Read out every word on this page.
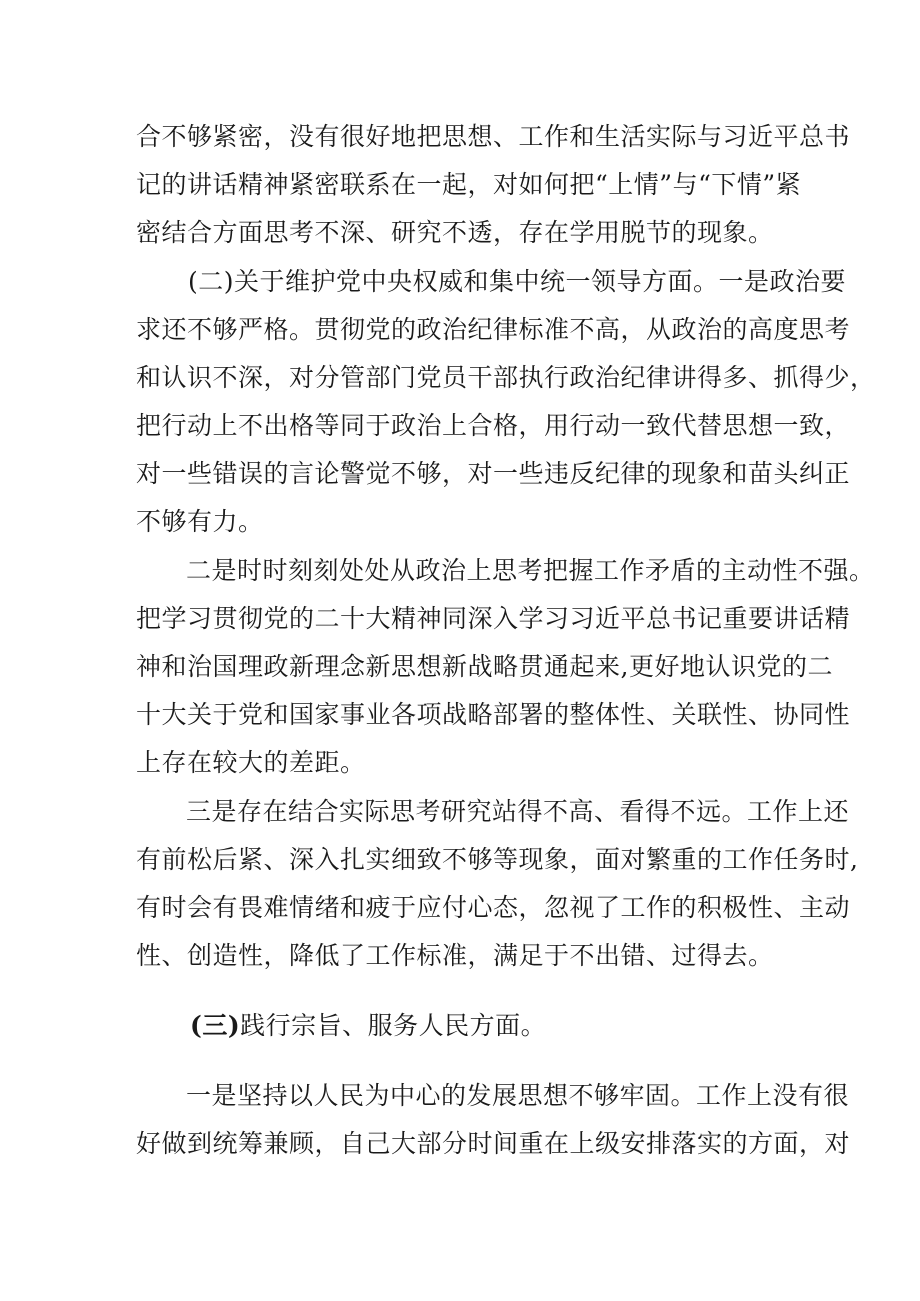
合不够紧密，没有很好地把思想、工作和生活实际与习近平总书
记的讲话精神紧密联系在一起，对如何把“上情”与“下情”紧
密结合方面思考不深、研究不透，存在学用脱节的现象。
(二)关于维护党中央权威和集中统一领导方面。一是政治要
求还不够严格。贯彻党的政治纪律标准不高，从政治的高度思考
和认识不深，对分管部门党员干部执行政治纪律讲得多、抓得少，
把行动上不出格等同于政治上合格，用行动一致代替思想一致，
对一些错误的言论警觉不够，对一些违反纪律的现象和苗头纠正
不够有力。
二是时时刻刻处处从政治上思考把握工作矛盾的主动性不强。
把学习贯彻党的二十大精神同深入学习习近平总书记重要讲话精
神和治国理政新理念新思想新战略贯通起来,更好地认识党的二
十大关于党和国家事业各项战略部署的整体性、关联性、协同性
上存在较大的差距。
三是存在结合实际思考研究站得不高、看得不远。工作上还
有前松后紧、深入扎实细致不够等现象，面对繁重的工作任务时,
有时会有畏难情绪和疲于应付心态，忽视了工作的积极性、主动
性、创造性，降低了工作标准，满足于不出错、过得去。
(三)践行宗旨、服务人民方面。
一是坚持以人民为中心的发展思想不够牢固。工作上没有很
好做到统筹兼顾，自己大部分时间重在上级安排落实的方面，对
